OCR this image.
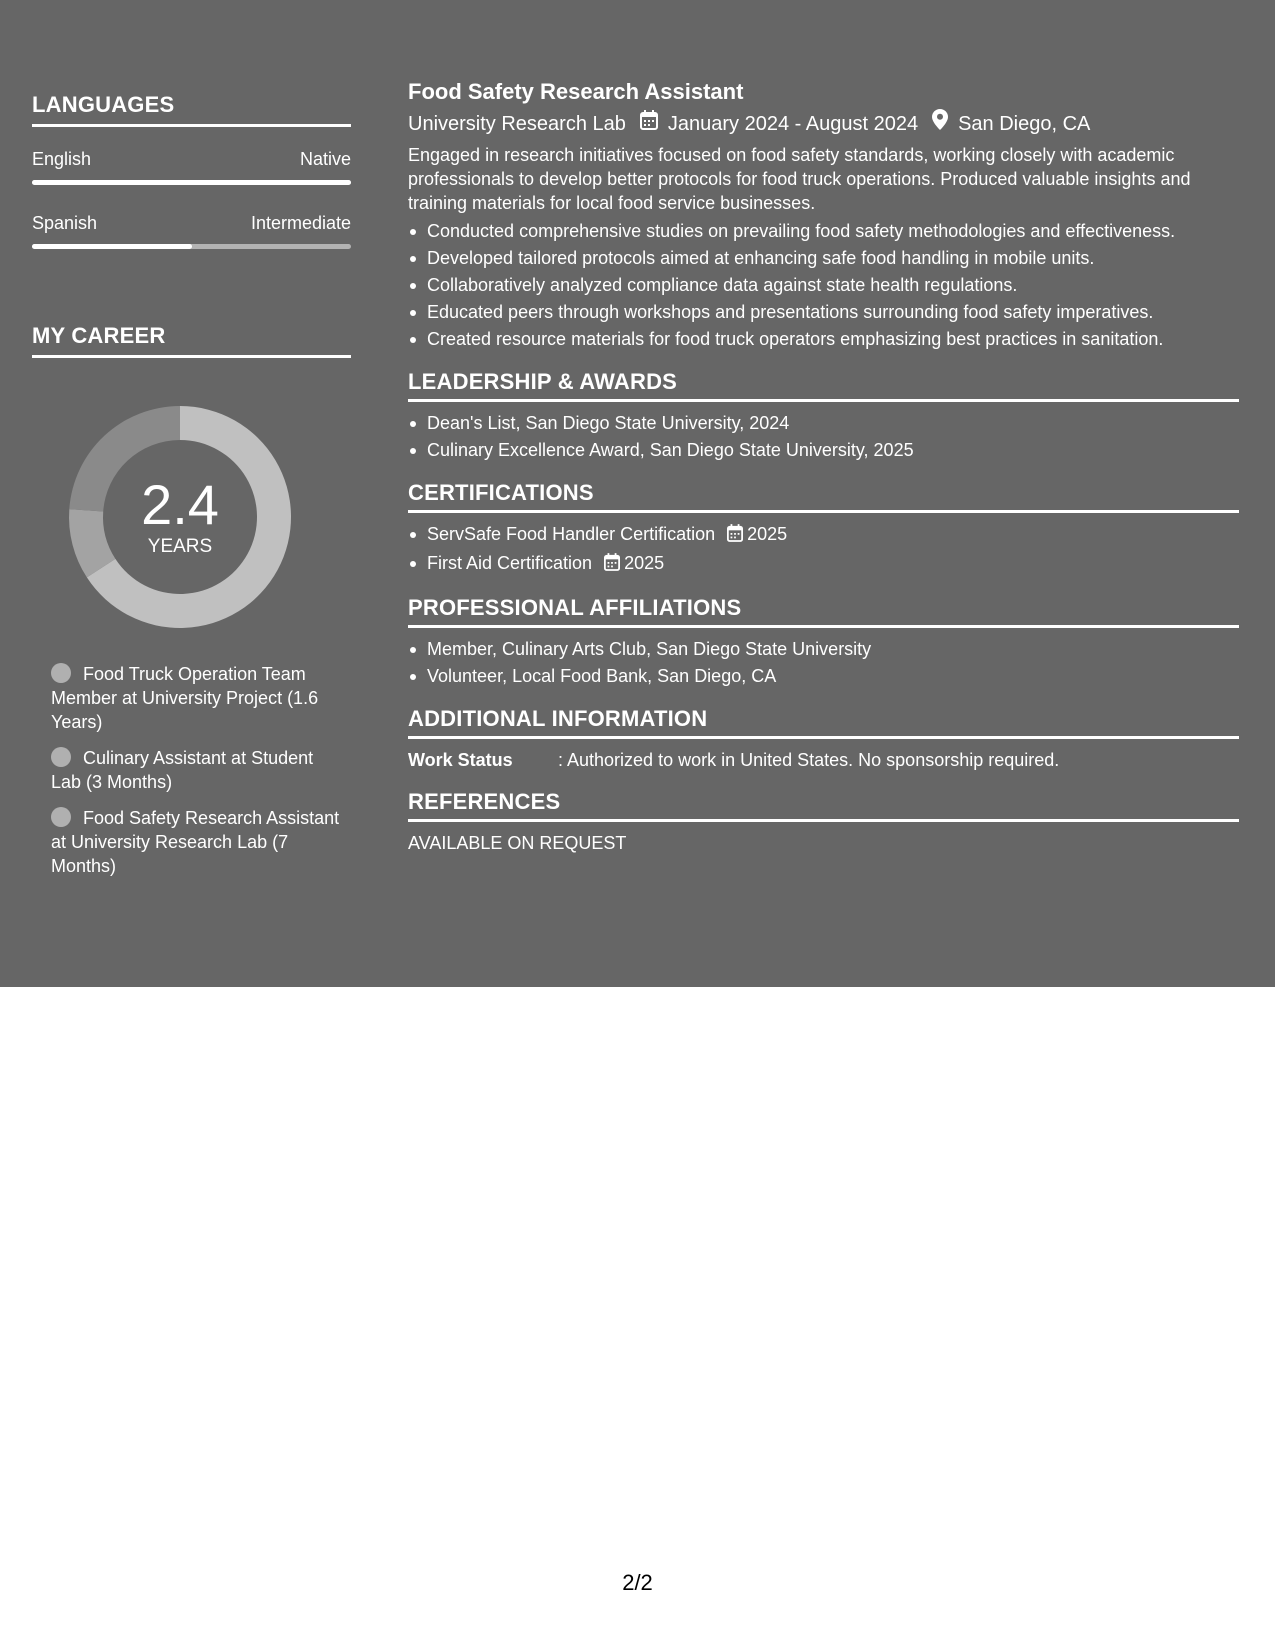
LANGUAGES
English	Native
Spanish	Intermediate
MY CAREER
2.4
YEARS
Food Truck Operation Team Member at University Project (1.6 Years)
Culinary Assistant at Student Lab (3 Months)
Food Safety Research Assistant at University Research Lab (7 Months)
Food Safety Research Assistant
University Research Lab January 2024 - August 2024 San Diego, CA
Engaged in research initiatives focused on food safety standards, working closely with academic professionals to develop better protocols for food truck operations. Produced valuable insights and training materials for local food service businesses.
Conducted comprehensive studies on prevailing food safety methodologies and effectiveness.
Developed tailored protocols aimed at enhancing safe food handling in mobile units.
Collaboratively analyzed compliance data against state health regulations.
Educated peers through workshops and presentations surrounding food safety imperatives.
Created resource materials for food truck operators emphasizing best practices in sanitation.
LEADERSHIP & AWARDS
Dean's List, San Diego State University, 2024
Culinary Excellence Award, San Diego State University, 2025
CERTIFICATIONS
ServSafe Food Handler Certification 2025
First Aid Certification 2025
PROFESSIONAL AFFILIATIONS
Member, Culinary Arts Club, San Diego State University
Volunteer, Local Food Bank, San Diego, CA
ADDITIONAL INFORMATION
Work Status	: Authorized to work in United States. No sponsorship required.
REFERENCES
AVAILABLE ON REQUEST
2/2
